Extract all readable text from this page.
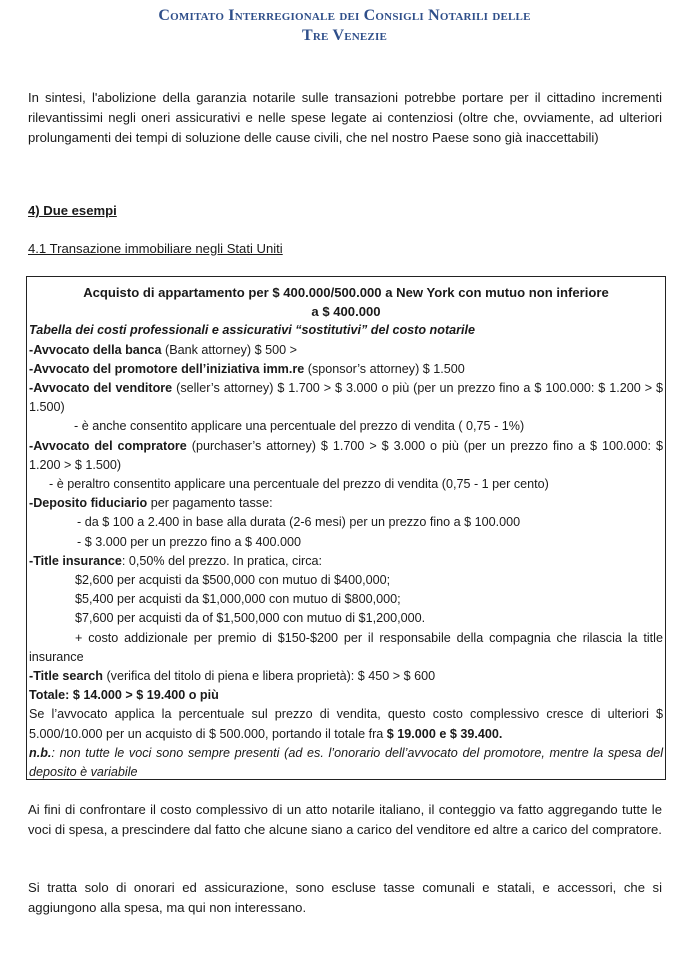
Comitato Interregionale dei Consigli Notarili delle
Tre Venezie
In sintesi, l'abolizione della garanzia notarile sulle transazioni potrebbe portare per il cittadino incrementi rilevantissimi negli oneri assicurativi e nelle spese legate ai contenziosi (oltre che, ovviamente, ad ulteriori prolungamenti dei tempi di soluzione delle cause civili, che nel nostro Paese sono già inaccettabili)
4) Due esempi
4.1 Transazione immobiliare negli Stati Uniti
Acquisto di appartamento per $ 400.000/500.000 a New York con mutuo non inferiore
a $ 400.000
Tabella dei costi professionali e assicurativi “sostitutivi” del costo notarile
-Avvocato della banca (Bank attorney) $ 500 >
-Avvocato del promotore dell’iniziativa imm.re (sponsor’s attorney) $ 1.500
-Avvocato del venditore (seller’s attorney) $ 1.700 > $ 3.000 o più (per un prezzo fino a $ 100.000: $ 1.200 > $ 1.500)
- è anche consentito applicare una percentuale del prezzo di vendita ( 0,75 - 1%)
-Avvocato del compratore (purchaser’s attorney) $ 1.700 > $ 3.000 o più (per un prezzo fino a $ 100.000: $ 1.200 > $ 1.500)
- è peraltro consentito applicare una percentuale del prezzo di vendita (0,75 - 1 per cento)
-Deposito fiduciario per pagamento tasse:
- da $ 100 a 2.400 in base alla durata (2-6 mesi) per un prezzo fino a $ 100.000
- $ 3.000 per un prezzo fino a $ 400.000
-Title insurance: 0,50% del prezzo. In pratica, circa:
$2,600 per acquisti da $500,000 con mutuo di $400,000;
$5,400 per acquisti da $1,000,000 con mutuo di $800,000;
$7,600 per acquisti da of $1,500,000 con mutuo di $1,200,000.
+ costo addizionale per premio di $150-$200 per il responsabile della compagnia che rilascia la title insurance
-Title search (verifica del titolo di piena e libera proprietà): $ 450 > $ 600
Totale: $ 14.000 > $ 19.400 o più
Se l’avvocato applica la percentuale sul prezzo di vendita, questo costo complessivo cresce di ulteriori $ 5.000/10.000 per un acquisto di $ 500.000, portando il totale fra $ 19.000 e $ 39.400.
n.b.: non tutte le voci sono sempre presenti (ad es. l’onorario dell’avvocato del promotore, mentre la spesa del deposito è variabile
Ai fini di confrontare il costo complessivo di un atto notarile italiano, il conteggio va fatto aggregando tutte le voci di spesa, a prescindere dal fatto che alcune siano a carico del venditore ed altre a carico del compratore.
Si tratta solo di onorari ed assicurazione, sono escluse tasse comunali e statali, e accessori, che si aggiungono alla spesa, ma qui non interessano.
